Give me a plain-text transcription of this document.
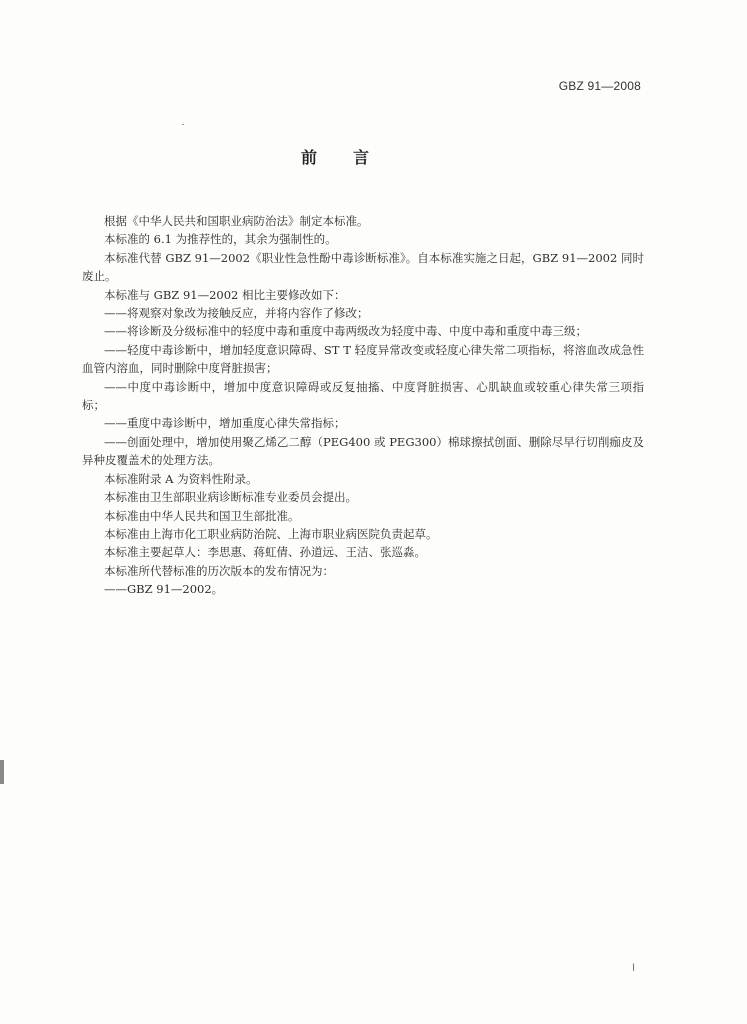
GBZ 91—2008
前言

根据《中华人民共和国职业病防治法》制定本标准。

本标准的 6.1 为推荐性的，其余为强制性的。

本标准代替 GBZ 91—2002《职业性急性酚中毒诊断标准》。自本标准实施之日起，GBZ 91—2002 同时废止。

本标准与 GBZ 91—2002 相比主要修改如下：

——将观察对象改为接触反应，并将内容作了修改；

——将诊断及分级标准中的轻度中毒和重度中毒两级改为轻度中毒、中度中毒和重度中毒三级；

——轻度中毒诊断中，增加轻度意识障碍、ST T 轻度异常改变或轻度心律失常二项指标，将溶血改成急性血管内溶血，同时删除中度肾脏损害；

——中度中毒诊断中，增加中度意识障碍或反复抽搐、中度肾脏损害、心肌缺血或较重心律失常三项指标；

——重度中毒诊断中，增加重度心律失常指标；

——创面处理中，增加使用聚乙烯乙二醇（PEG400 或 PEG300）棉球擦拭创面、删除尽早行切削痂皮及异种皮覆盖术的处理方法。

本标准附录 A 为资料性附录。

本标准由卫生部职业病诊断标准专业委员会提出。

本标准由中华人民共和国卫生部批准。

本标准由上海市化工职业病防治院、上海市职业病医院负责起草。

本标准主要起草人：李思惠、蒋虹倩、孙道远、王洁、张巡淼。

本标准所代替标准的历次版本的发布情况为：

——GBZ 91—2002。

I
